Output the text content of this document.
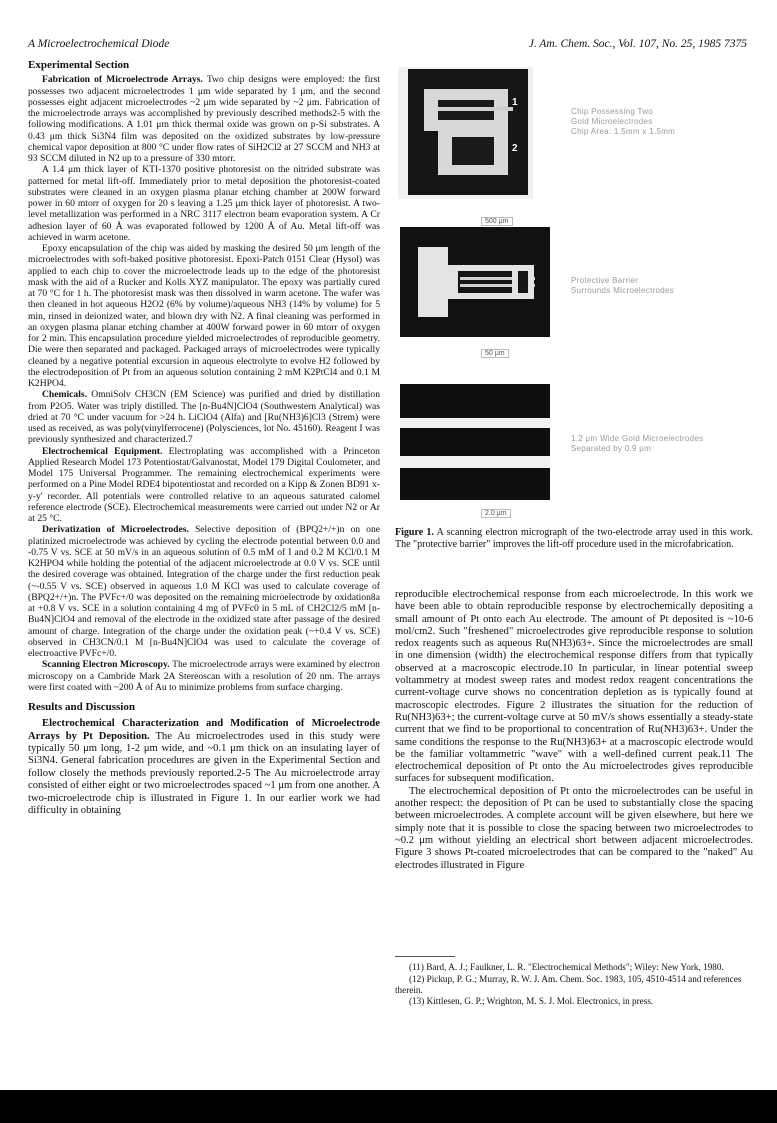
A Microelectrochemical Diode	J. Am. Chem. Soc., Vol. 107, No. 25, 1985 7375
Experimental Section

Fabrication of Microelectrode Arrays. Two chip designs were employed: the first possesses two adjacent microelectrodes 1 μm wide separated by 1 μm, and the second possesses eight adjacent microelectrodes ~2 μm wide separated by ~2 μm. Fabrication of the microelectrode arrays was accomplished by previously described methods2-5 with the following modifications. A 1.01 μm thick thermal oxide was grown on p-Si substrates. A 0.43 μm thick Si3N4 film was deposited on the oxidized substrates by low-pressure chemical vapor deposition at 800 °C under flow rates of SiH2Cl2 at 27 SCCM and NH3 at 93 SCCM diluted in N2 up to a pressure of 330 mtorr.

A 1.4 μm thick layer of KTI-1370 positive photoresist on the nitrided substrate was patterned for metal lift-off. Immediately prior to metal deposition the photoresist-coated substrates were cleaned in an oxygen plasma planar etching chamber at 200W forward power in 60 mtorr of oxygen for 20 s leaving a 1.25 μm thick layer of photoresist. A two-level metallization was performed in a NRC 3117 electron beam evaporation system. A Cr adhesion layer of 60 Å was evaporated followed by 1200 Å of Au. Metal lift-off was achieved in warm acetone.

Epoxy encapsulation of the chip was aided by masking the desired 50 μm length of the microelectrodes with soft-baked positive photoresist. Epoxi-Patch 0151 Clear (Hysol) was applied to each chip to cover the microelectrode leads up to the edge of the photoresist mask with the aid of a Rucker and Kolls XYZ manipulator. The epoxy was partially cured at 70 °C for 1 h. The photoresist mask was then dissolved in warm acetone. The wafer was then cleaned in hot aqueous H2O2 (6% by volume)/aqueous NH3 (14% by volume) for 5 min, rinsed in deionized water, and blown dry with N2. A final cleaning was performed in an oxygen plasma planar etching chamber at 400W forward power in 60 mtorr of oxygen for 2 min. This encapsulation procedure yielded microelectrodes of reproducible geometry. Die were then separated and packaged. Packaged arrays of microelectrodes were typically cleaned by a negative potential excursion in aqueous electrolyte to evolve H2 followed by the electrodeposition of Pt from an aqueous solution containing 2 mM K2PtCl4 and 0.1 M K2HPO4.

Chemicals. OmniSolv CH3CN (EM Science) was purified and dried by distillation from P2O5. Water was triply distilled. The [n-Bu4N]ClO4 (Southwestern Analytical) was dried at 70 °C under vacuum for >24 h. LiClO4 (Alfa) and [Ru(NH3)6]Cl3 (Strem) were used as received, as was poly(vinylferrocene) (Polysciences, lot No. 45160). Reagent I was previously synthesized and characterized.7

Electrochemical Equipment. Electroplating was accomplished with a Princeton Applied Research Model 173 Potentiostat/Galvanostat, Model 179 Digital Coulometer, and Model 175 Universal Programmer. The remaining electrochemical experiments were performed on a Pine Model RDE4 bipotentiostat and recorded on a Kipp & Zonen BD91 x-y-y' recorder. All potentials were controlled relative to an aqueous saturated calomel reference electrode (SCE). Electrochemical measurements were carried out under N2 or Ar at 25 °C.

Derivatization of Microelectrodes. Selective deposition of (BPQ2+/+)n on one platinized microelectrode was achieved by cycling the electrode potential between 0.0 and -0.75 V vs. SCE at 50 mV/s in an aqueous solution of 0.5 mM of I and 0.2 M KCl/0.1 M K2HPO4 while holding the potential of the adjacent microelectrode at 0.0 V vs. SCE until the desired coverage was obtained. Integration of the charge under the first reduction peak (~-0.55 V vs. SCE) observed in aqueous 1.0 M KCl was used to calculate coverage of (BPQ2+/+)n. The PVFc+/0 was deposited on the remaining microelectrode by oxidation8a at +0.8 V vs. SCE in a solution containing 4 mg of PVFc0 in 5 mL of CH2Cl2/5 mM [n-Bu4N]ClO4 and removal of the electrode in the oxidized state after passage of the desired amount of charge. Integration of the charge under the oxidation peak (~+0.4 V vs. SCE) observed in CH3CN/0.1 M [n-Bu4N]ClO4 was used to calculate the coverage of electroactive PVFc+/0.

Scanning Electron Microscopy. The microelectrode arrays were examined by electron microscopy on a Cambride Mark 2A Stereoscan with a resolution of 20 nm. The arrays were first coated with ~200 Å of Au to minimize problems from surface charging.

Results and Discussion

Electrochemical Characterization and Modification of Microelectrode Arrays by Pt Deposition. The Au microelectrodes used in this study were typically 50 μm long, 1-2 μm wide, and ~0.1 μm thick on an insulating layer of Si3N4. General fabrication procedures are given in the Experimental Section and follow closely the methods previously reported.2-5 The Au microelectrode array consisted of either eight or two microelectrodes spaced ~1 μm from one another. A two-microelectrode chip is illustrated in Figure 1. In our earlier work we had difficulty in obtaining

1
2
Chip Possessing Two
Gold Microelectrodes
Chip Area: 1.5mm x 1.5mm
500 μm
Protective Barrier
Surrounds Microelectrodes
50 μm
1.2 μm Wide Gold Microelectrodes
Separated by 0.9 μm
2.0 μm
Figure 1. A scanning electron micrograph of the two-electrode array used in this work. The "protective barrier" improves the lift-off procedure used in the microfabrication.

reproducible electrochemical response from each microelectrode. In this work we have been able to obtain reproducible response by electrochemically depositing a small amount of Pt onto each Au electrode. The amount of Pt deposited is ~10-6 mol/cm2. Such "freshened" microelectrodes give reproducible response to solution redox reagents such as aqueous Ru(NH3)63+. Since the microelectrodes are small in one dimension (width) the electrochemical response differs from that typically observed at a macroscopic electrode.10 In particular, in linear potential sweep voltammetry at modest sweep rates and modest redox reagent concentrations the current-voltage curve shows no concentration depletion as is typically found at macroscopic electrodes. Figure 2 illustrates the situation for the reduction of Ru(NH3)63+; the current-voltage curve at 50 mV/s shows essentially a steady-state current that we find to be proportional to concentration of Ru(NH3)63+. Under the same conditions the response to the Ru(NH3)63+ at a macroscopic electrode would be the familiar voltammetric "wave" with a well-defined current peak.11 The electrochemical deposition of Pt onto the Au microelectrodes gives reproducible surfaces for subsequent modification.

The electrochemical deposition of Pt onto the microelectrodes can be useful in another respect: the deposition of Pt can be used to substantially close the spacing between microelectrodes. A complete account will be given elsewhere, but here we simply note that it is possible to close the spacing between two microelectrodes to ~0.2 μm without yielding an electrical short between adjacent microelectrodes. Figure 3 shows Pt-coated microelectrodes that can be compared to the "naked" Au electrodes illustrated in Figure

(11) Bard, A. J.; Faulkner, L. R. "Electrochemical Methods"; Wiley: New York, 1980.

(12) Pickup, P. G.; Murray, R. W. J. Am. Chem. Soc. 1983, 105, 4510-4514 and references therein.

(13) Kittlesen, G. P.; Wrighton, M. S. J. Mol. Electronics, in press.
